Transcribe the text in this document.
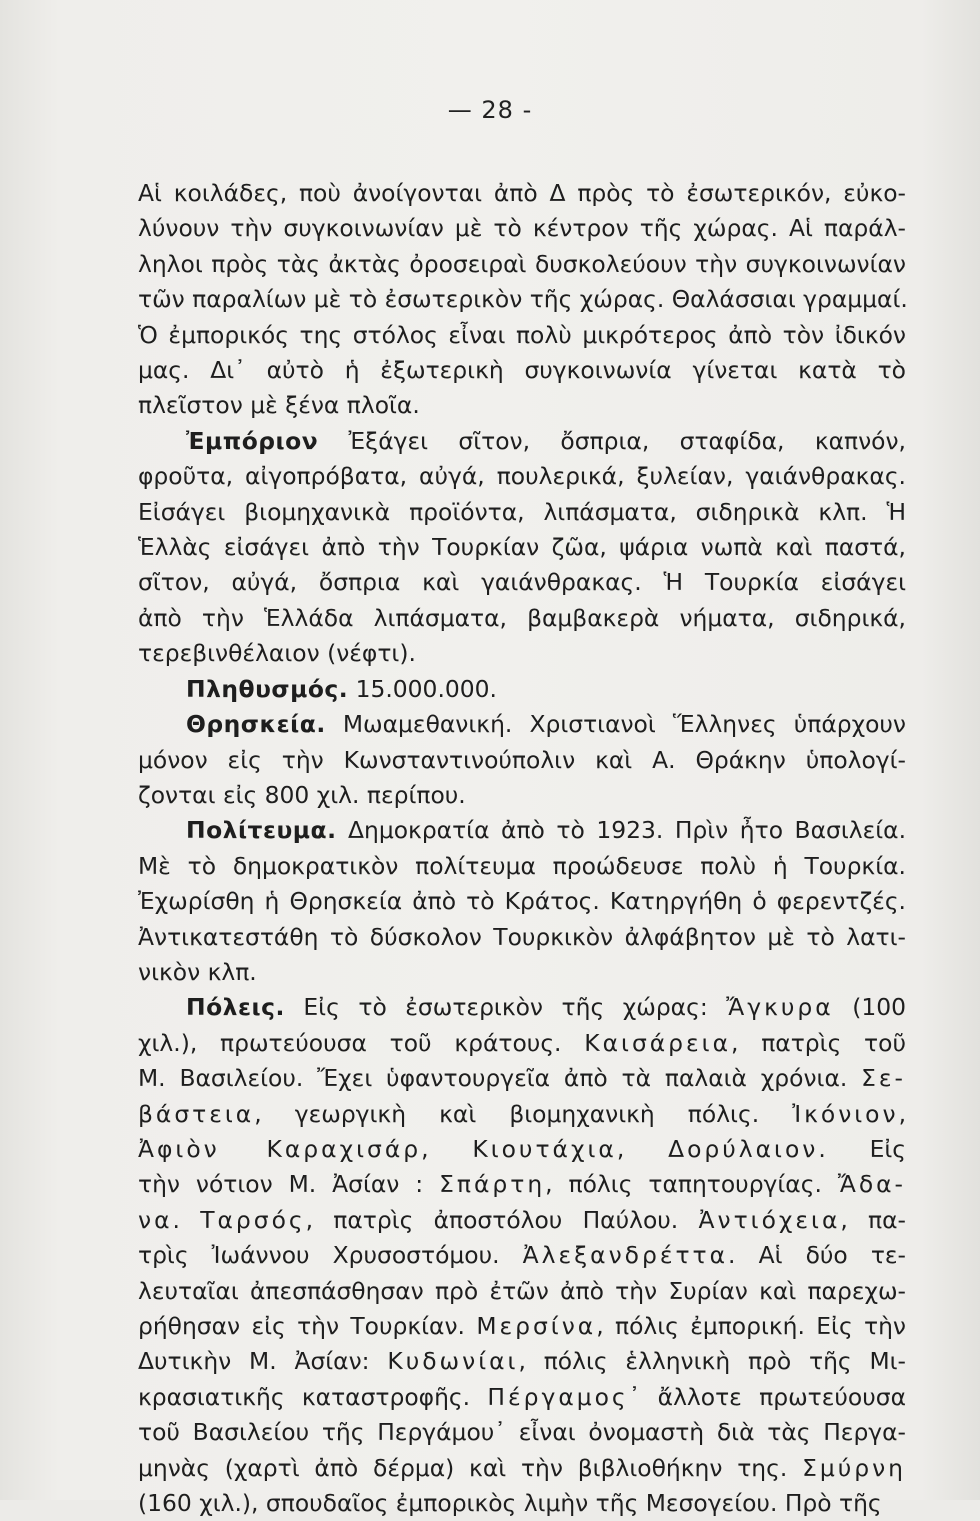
— 28 -
Αἱ κοιλάδες, ποὺ ἀνοίγονται ἀπὸ Δ πρὸς τὸ ἐσωτερικόν, εὐκο-
λύνουν τὴν συγκοινωνίαν μὲ τὸ κέντρον τῆς χώρας. Αἱ παράλ-
ληλοι πρὸς τὰς ἀκτὰς ὀροσειραὶ δυσκολεύουν τὴν συγκοινωνίαν
τῶν παραλίων μὲ τὸ ἐσωτερικὸν τῆς χώρας. Θαλάσσιαι γραμμαί.
Ὁ ἐμπορικός της στόλος εἶναι πολὺ μικρότερος ἀπὸ τὸν ἰδικόν
μας. Δι᾽ αὐτὸ ἡ ἐξωτερικὴ συγκοινωνία γίνεται κατὰ τὸ
πλεῖστον μὲ ξένα πλοῖα.
Ἐμπόριον Ἐξάγει σῖτον, ὄσπρια, σταφίδα, καπνόν,
φροῦτα, αἰγοπρόβατα, αὐγά, πουλερικά, ξυλείαν, γαιάνθρακας.
Εἰσάγει βιομηχανικὰ προϊόντα, λιπάσματα, σιδηρικὰ κλπ. Ἡ
Ἑλλὰς εἰσάγει ἀπὸ τὴν Τουρκίαν ζῶα, ψάρια νωπὰ καὶ παστά,
σῖτον, αὐγά, ὄσπρια καὶ γαιάνθρακας. Ἡ Τουρκία εἰσάγει
ἀπὸ τὴν Ἑλλάδα λιπάσματα, βαμβακερὰ νήματα, σιδηρικά,
τερεβινθέλαιον (νέφτι).
Πληθυσμός. 15.000.000.
Θρησκεία. Μωαμεθανική. Χριστιανοὶ Ἕλληνες ὑπάρχουν
μόνον εἰς τὴν Κωνσταντινούπολιν καὶ Α. Θράκην ὑπολογί-
ζονται εἰς 800 χιλ. περίπου.
Πολίτευμα. Δημοκρατία ἀπὸ τὸ 1923. Πρὶν ἦτο Βασιλεία.
Μὲ τὸ δημοκρατικὸν πολίτευμα προώδευσε πολὺ ἡ Τουρκία.
Ἐχωρίσθη ἡ Θρησκεία ἀπὸ τὸ Κράτος. Κατηργήθη ὁ φερεντζές.
Ἀντικατεστάθη τὸ δύσκολον Τουρκικὸν ἀλφάβητον μὲ τὸ λατι-
νικὸν κλπ.
Πόλεις. Εἰς τὸ ἐσωτερικὸν τῆς χώρας: Ἄγκυρα (100
χιλ.), πρωτεύουσα τοῦ κράτους. Καισάρεια, πατρὶς τοῦ
Μ. Βασιλείου. Ἔχει ὑφαντουργεῖα ἀπὸ τὰ παλαιὰ χρόνια. Σε-
βάστεια, γεωργικὴ καὶ βιομηχανικὴ πόλις. Ἰκόνιον,
Ἀφιὸν Καραχισάρ, Κιουτάχια, Δορύλαιον. Εἰς
τὴν νότιον Μ. Ἀσίαν : Σπάρτη, πόλις ταπητουργίας. Ἄδα-
να. Ταρσός, πατρὶς ἀποστόλου Παύλου. Ἀντιόχεια, πα-
τρὶς Ἰωάννου Χρυσοστόμου. Ἀλεξανδρέττα. Αἱ δύο τε-
λευταῖαι ἀπεσπάσθησαν πρὸ ἐτῶν ἀπὸ τὴν Συρίαν καὶ παρεχω-
ρήθησαν εἰς τὴν Τουρκίαν. Μερσίνα, πόλις ἐμπορική. Εἰς τὴν
Δυτικὴν Μ. Ἀσίαν: Κυδωνίαι, πόλις ἑλληνικὴ πρὸ τῆς Μι-
κρασιατικῆς καταστροφῆς. Πέργαμος᾽ ἄλλοτε πρωτεύουσα
τοῦ Βασιλείου τῆς Περγάμου᾽ εἶναι ὀνομαστὴ διὰ τὰς Περγα-
μηνὰς (χαρτὶ ἀπὸ δέρμα) καὶ τὴν βιβλιοθήκην της. Σμύρνη
(160 χιλ.), σπουδαῖος ἐμπορικὸς λιμὴν τῆς Μεσογείου. Πρὸ τῆς
